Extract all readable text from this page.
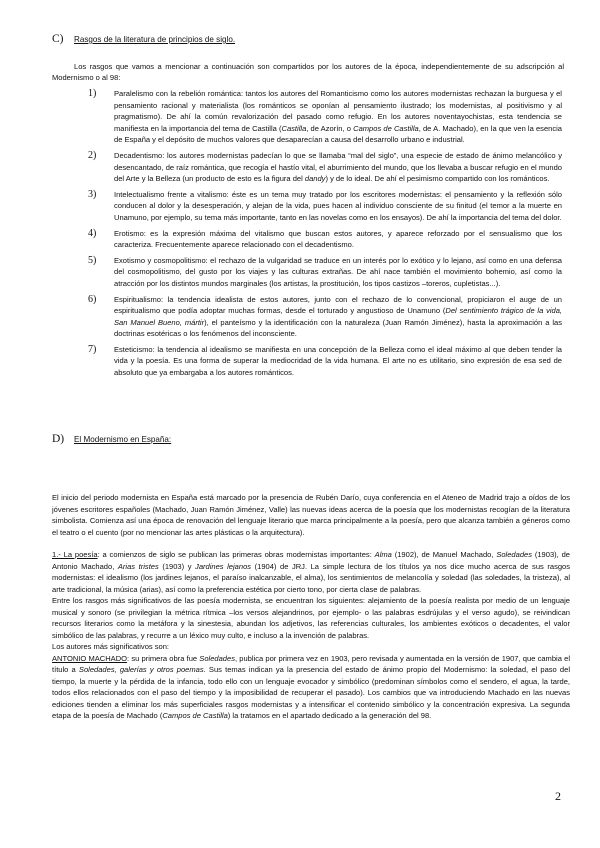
C)	Rasgos de la literatura de principios de siglo.
Los rasgos que vamos a mencionar a continuación son compartidos por los autores de la época, independientemente de su adscripción al Modernismo o al 98:
1)	Paralelismo con la rebelión romántica: tantos los autores del Romanticismo como los autores modernistas rechazan la burguesa y el pensamiento racional y materialista (los románticos se oponían al pensamiento ilustrado; los modernistas, al positivismo y al pragmatismo). De ahí la común revalorización del pasado como refugio. En los autores noventayochistas, esta tendencia se manifiesta en la importancia del tema de Castilla (Castilla, de Azorín, o Campos de Castilla, de A. Machado), en la que ven la esencia de España y el depósito de muchos valores que desaparecían a causa del desarrollo urbano e industrial.
2)	Decadentismo: los autores modernistas padecían lo que se llamaba “mal del siglo”, una especie de estado de ánimo melancólico y desencantado, de raíz romántica, que recogía el hastío vital, el aburrimiento del mundo, que los llevaba a buscar refugio en el mundo del Arte y la Belleza (un producto de esto es la figura del dandy) y de lo ideal. De ahí el pesimismo compartido con los románticos.
3)	Intelectualismo frente a vitalismo: éste es un tema muy tratado por los escritores modernistas: el pensamiento y la reflexión sólo conducen al dolor y la desesperación, y alejan de la vida, pues hacen al individuo consciente de su finitud (el temor a la muerte en Unamuno, por ejemplo, su tema más importante, tanto en las novelas como en los ensayos). De ahí la importancia del tema del dolor.
4)	Erotismo: es la expresión máxima del vitalismo que buscan estos autores, y aparece reforzado por el sensualismo que los caracteriza. Frecuentemente aparece relacionado con el decadentismo.
5)	Exotismo y cosmopolitismo: el rechazo de la vulgaridad se traduce en un interés por lo exótico y lo lejano, así como en una defensa del cosmopolitismo, del gusto por los viajes y las culturas extrañas. De ahí nace también el movimiento bohemio, así como la atracción por los distintos mundos marginales (los artistas, la prostitución, los tipos castizos –toreros, cupletistas...).
6)	Espiritualismo: la tendencia idealista de estos autores, junto con el rechazo de lo convencional, propiciaron el auge de un espiritualismo que podía adoptar muchas formas, desde el torturado y angustioso de Unamuno (Del sentimiento trágico de la vida, San Manuel Bueno, mártir), el panteísmo y la identificación con la naturaleza (Juan Ramón Jiménez), hasta la aproximación a las doctrinas esotéricas o los fenómenos del inconsciente.
7)	Esteticismo: la tendencia al idealismo se manifiesta en una concepción de la Belleza como el ideal máximo al que deben tender la vida y la poesía. Es una forma de superar la mediocridad de la vida humana. El arte no es utilitario, sino expresión de esa sed de absoluto que ya embargaba a los autores románticos.
D)	El Modernismo en España:

El inicio del periodo modernista en España está marcado por la presencia de Rubén Darío, cuya conferencia en el Ateneo de Madrid trajo a oídos de los jóvenes escritores españoles (Machado, Juan Ramón Jiménez, Valle) las nuevas ideas acerca de la poesía que los modernistas recogían de la literatura simbolista. Comienza así una época de renovación del lenguaje literario que marca principalmente a la poesía, pero que alcanza también a géneros como el teatro o el cuento (por no mencionar las artes plásticas o la arquitectura).

1.- La poesía: a comienzos de siglo se publican las primeras obras modernistas importantes: Alma (1902), de Manuel Machado, Soledades (1903), de Antonio Machado, Arias tristes (1903) y Jardines lejanos (1904) de JRJ. La simple lectura de los títulos ya nos dice mucho acerca de sus rasgos modernistas: el idealismo (los jardines lejanos, el paraíso inalcanzable, el alma), los sentimientos de melancolía y soledad (las soledades, la tristeza), al arte tradicional, la música (arias), así como la preferencia estética por cierto tono, por cierta clase de palabras.

Entre los rasgos más significativos de las poesía modernista, se encuentran los siguientes: alejamiento de la poesía realista por medio de un lenguaje musical y sonoro (se privilegian la métrica rítmica –los versos alejandrinos, por ejemplo- o las palabras esdrújulas y el verso agudo), se reivindican recursos literarios como la metáfora y la sinestesia, abundan los adjetivos, las referencias culturales, los ambientes exóticos o decadentes, el valor simbólico de las palabras, y recurre a un léxico muy culto, e incluso a la invención de palabras.

Los autores más significativos son:

ANTONIO MACHADO: su primera obra fue Soledades, publica por primera vez en 1903, pero revisada y aumentada en la versión de 1907, que cambia el título a Soledades, galerías y otros poemas. Sus temas indican ya la presencia del estado de ánimo propio del Modernismo: la soledad, el paso del tiempo, la muerte y la pérdida de la infancia, todo ello con un lenguaje evocador y simbólico (predominan símbolos como el sendero, el agua, la tarde, todos ellos relacionados con el paso del tiempo y la imposibilidad de recuperar el pasado). Los cambios que va introduciendo Machado en las nuevas ediciones tienden a eliminar los más superficiales rasgos modernistas y a intensificar el contenido simbólico y la concentración expresiva. La segunda etapa de la poesía de Machado (Campos de Castilla) la tratamos en el apartado dedicado a la generación del 98.

2
